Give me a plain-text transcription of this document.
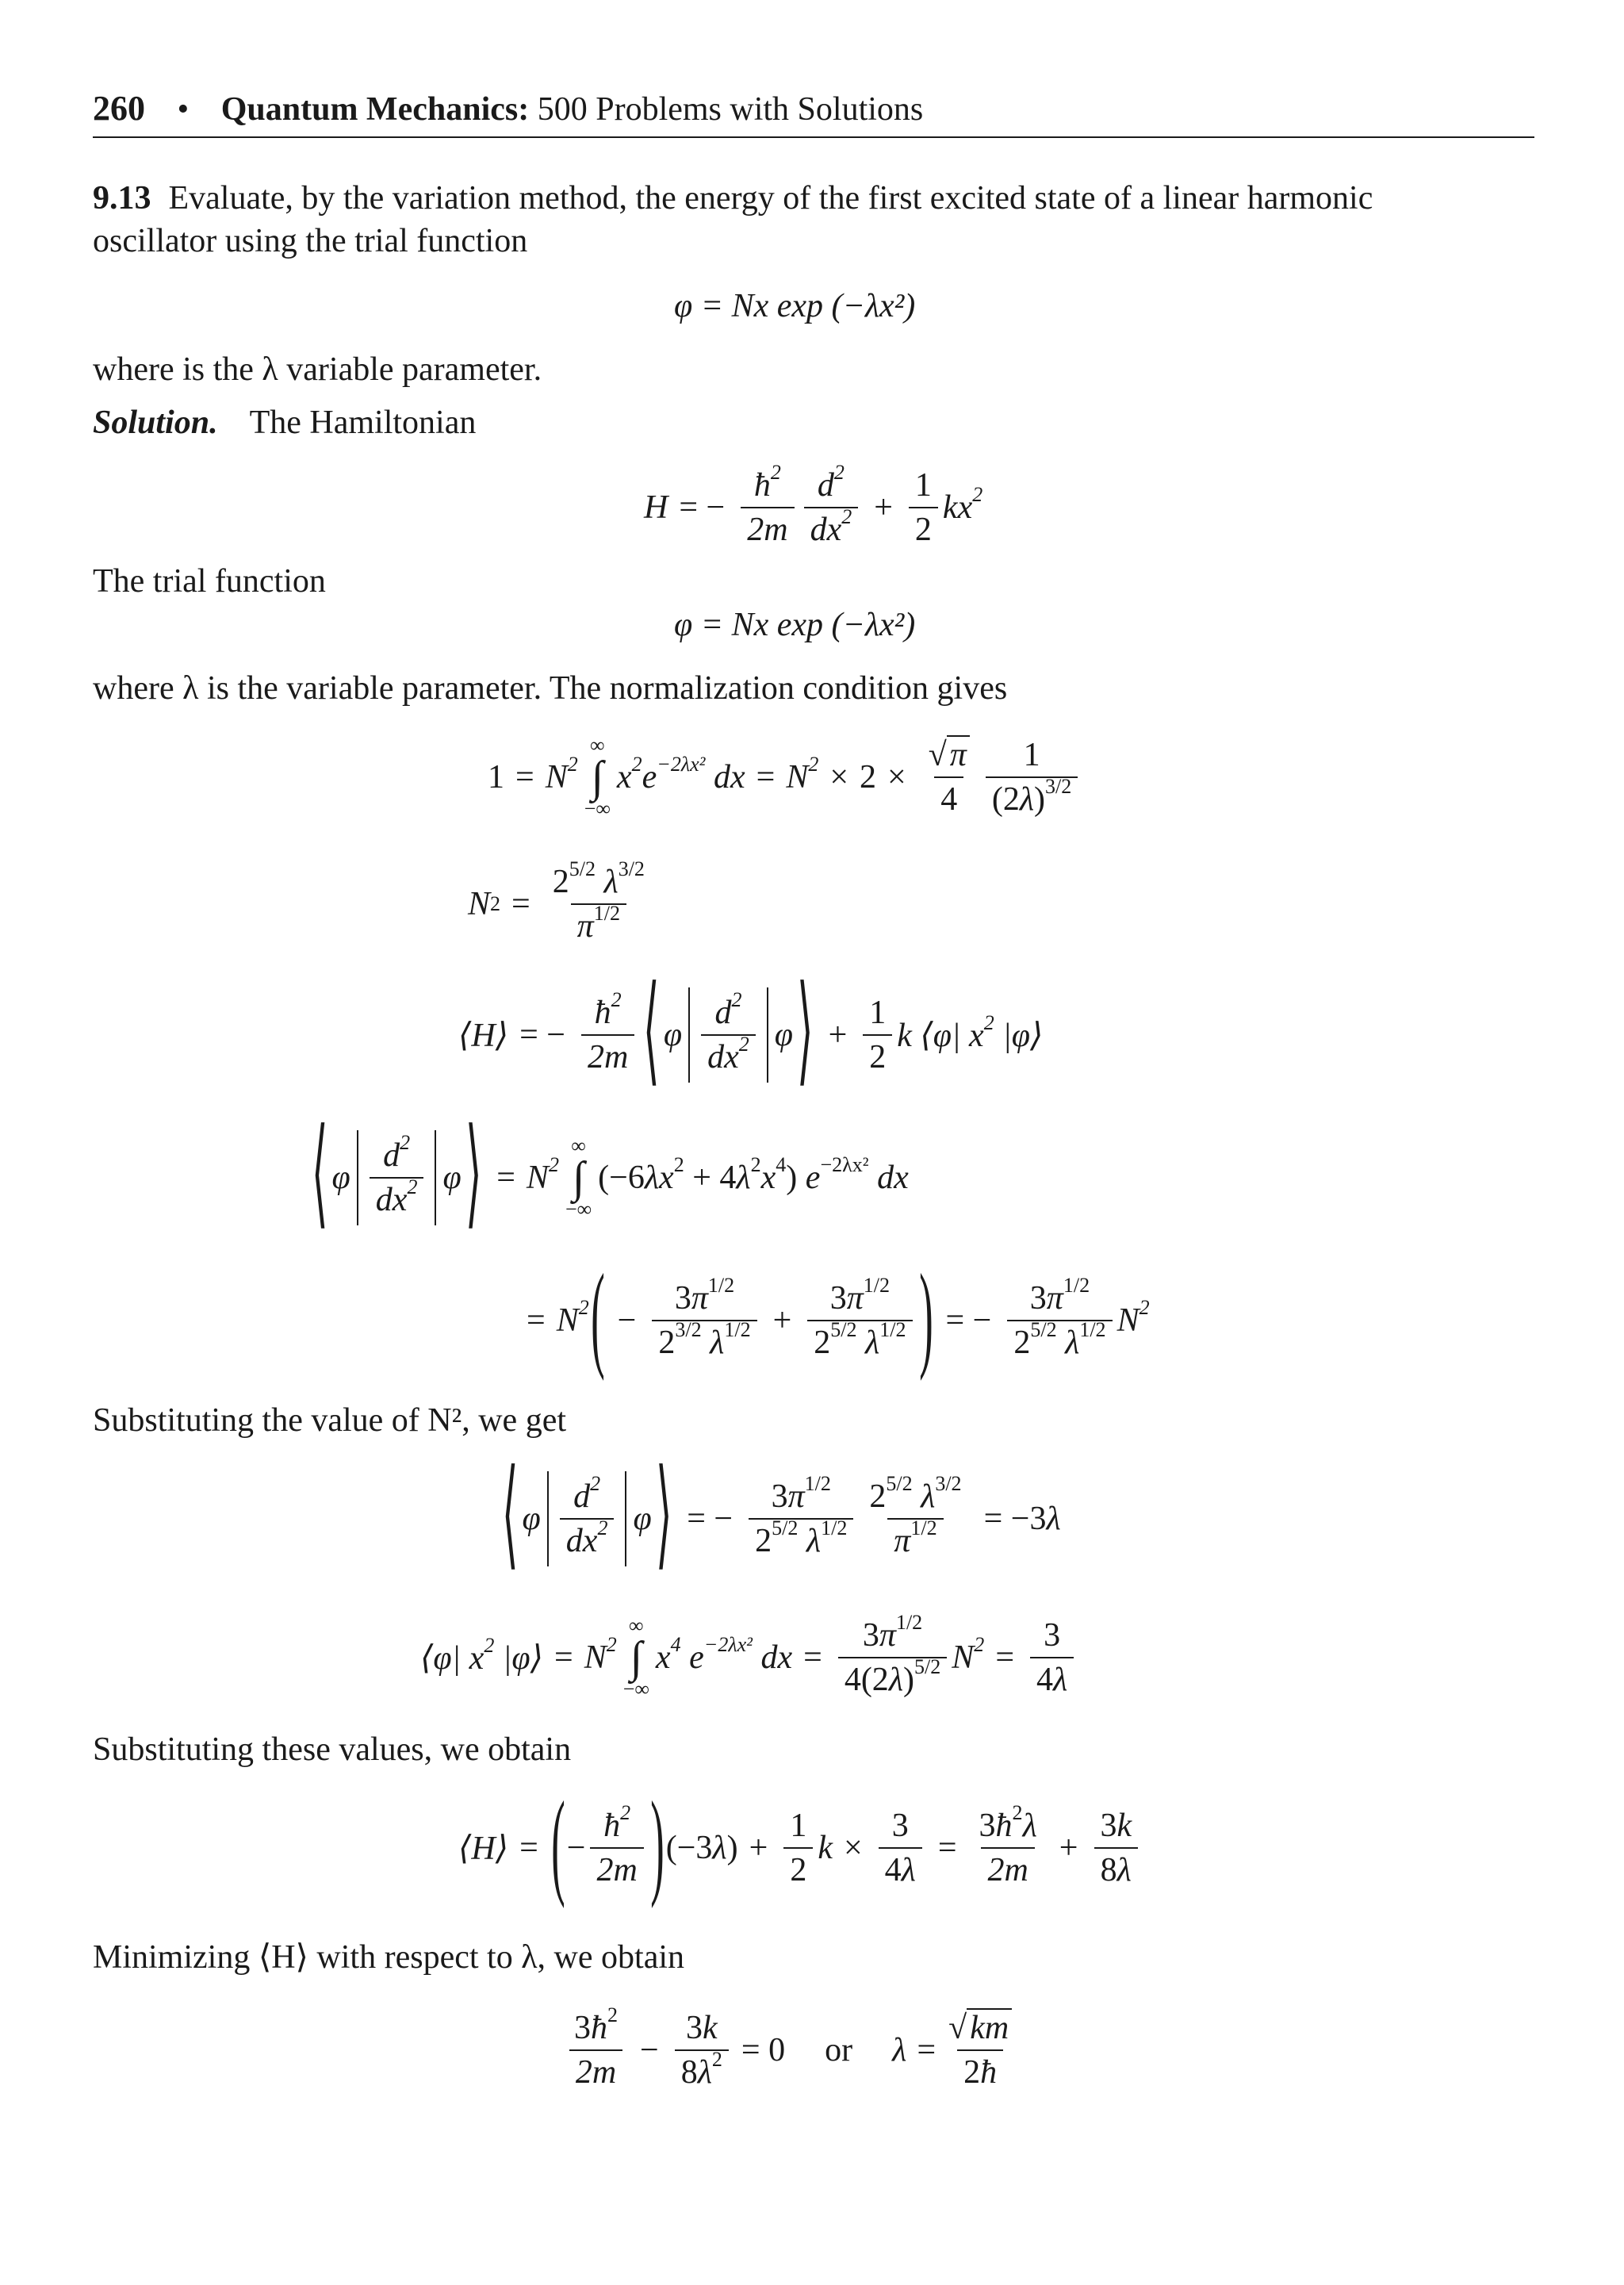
260 • Quantum Mechanics: 500 Problems with Solutions
9.13 Evaluate, by the variation method, the energy of the first excited state of a linear harmonic
oscillator using the trial function
φ = Nx exp (−λx²)
where is the λ variable parameter.
Solution. The Hamiltonian
H = − $\frac{ħ^2}{2m} \frac{d^2}{dx^2} + \frac{1}{2} kx^2$
The trial function
φ = Nx exp (−λx²)
where λ is the variable parameter. The normalization condition gives
$1 = N^2$
∞
∫
−∞
$x^2e^{-2\lambda x^2}$ dx = $N^2 \times 2 \times \frac{√\pi}{4} \frac{1}{(2\lambda)^{3/2}}$
N $2 = \frac{2^{5/2} \lambda^{3/2}}{\pi^{1/2}}$
⟨H⟩ = − $\frac{ħ^2}{2m}$ ⟨ φ $\frac{d^2}{dx^2}$ φ ⟩ + $\frac{1}{2}$ k ⟨φ| $x^2$ |φ⟩
⟨ φ $\frac{d^2}{dx^2}$ φ ⟩ = $N^2$
∞
∫
−∞
$(-6\lambda x^2 + 4\lambda^2x^4)$ $e^{-2\lambda x^2}$ dx
= $N^2$ ( − $\frac{3\pi^{1/2}}{2^{3/2} \lambda^{1/2}} + \frac{3\pi^{1/2}}{2^{5/2} \lambda^{1/2}}$ ) = − $\frac{3\pi^{1/2}}{2^{5/2} \lambda^{1/2}} N^2$
Substituting the value of N², we get
⟨ φ $\frac{d^2}{dx^2}$ φ ⟩ = − $\frac{3\pi^{1/2}}{2^{5/2} \lambda^{1/2}} \frac{2^{5/2} \lambda^{3/2}}{\pi^{1/2}} = -3\lambda$
⟨φ| $x^2$ |φ⟩ = $N^2$
∞
∫
−∞
$x^4$ $e^{-2\lambda x^2}$ dx = $\frac{3\pi^{1/2}}{4(2\lambda)^{5/2}} N^2 = \frac{3}{4\lambda}$
Substituting these values, we obtain
⟨H⟩ = ( − $\frac{ħ^2}{2m}$ ) $(-3\lambda) + \frac{1}{2}$ $k \times \frac{3}{4\lambda} = \frac{3ħ^2\lambda}{2m} + \frac{3k}{8\lambda}$
Minimizing ⟨H⟩ with respect to λ, we obtain
$\frac{3ħ^2}{2m} - \frac{3k}{8\lambda^2} = 0$ or $\lambda = \frac{√km}{2ħ}$
